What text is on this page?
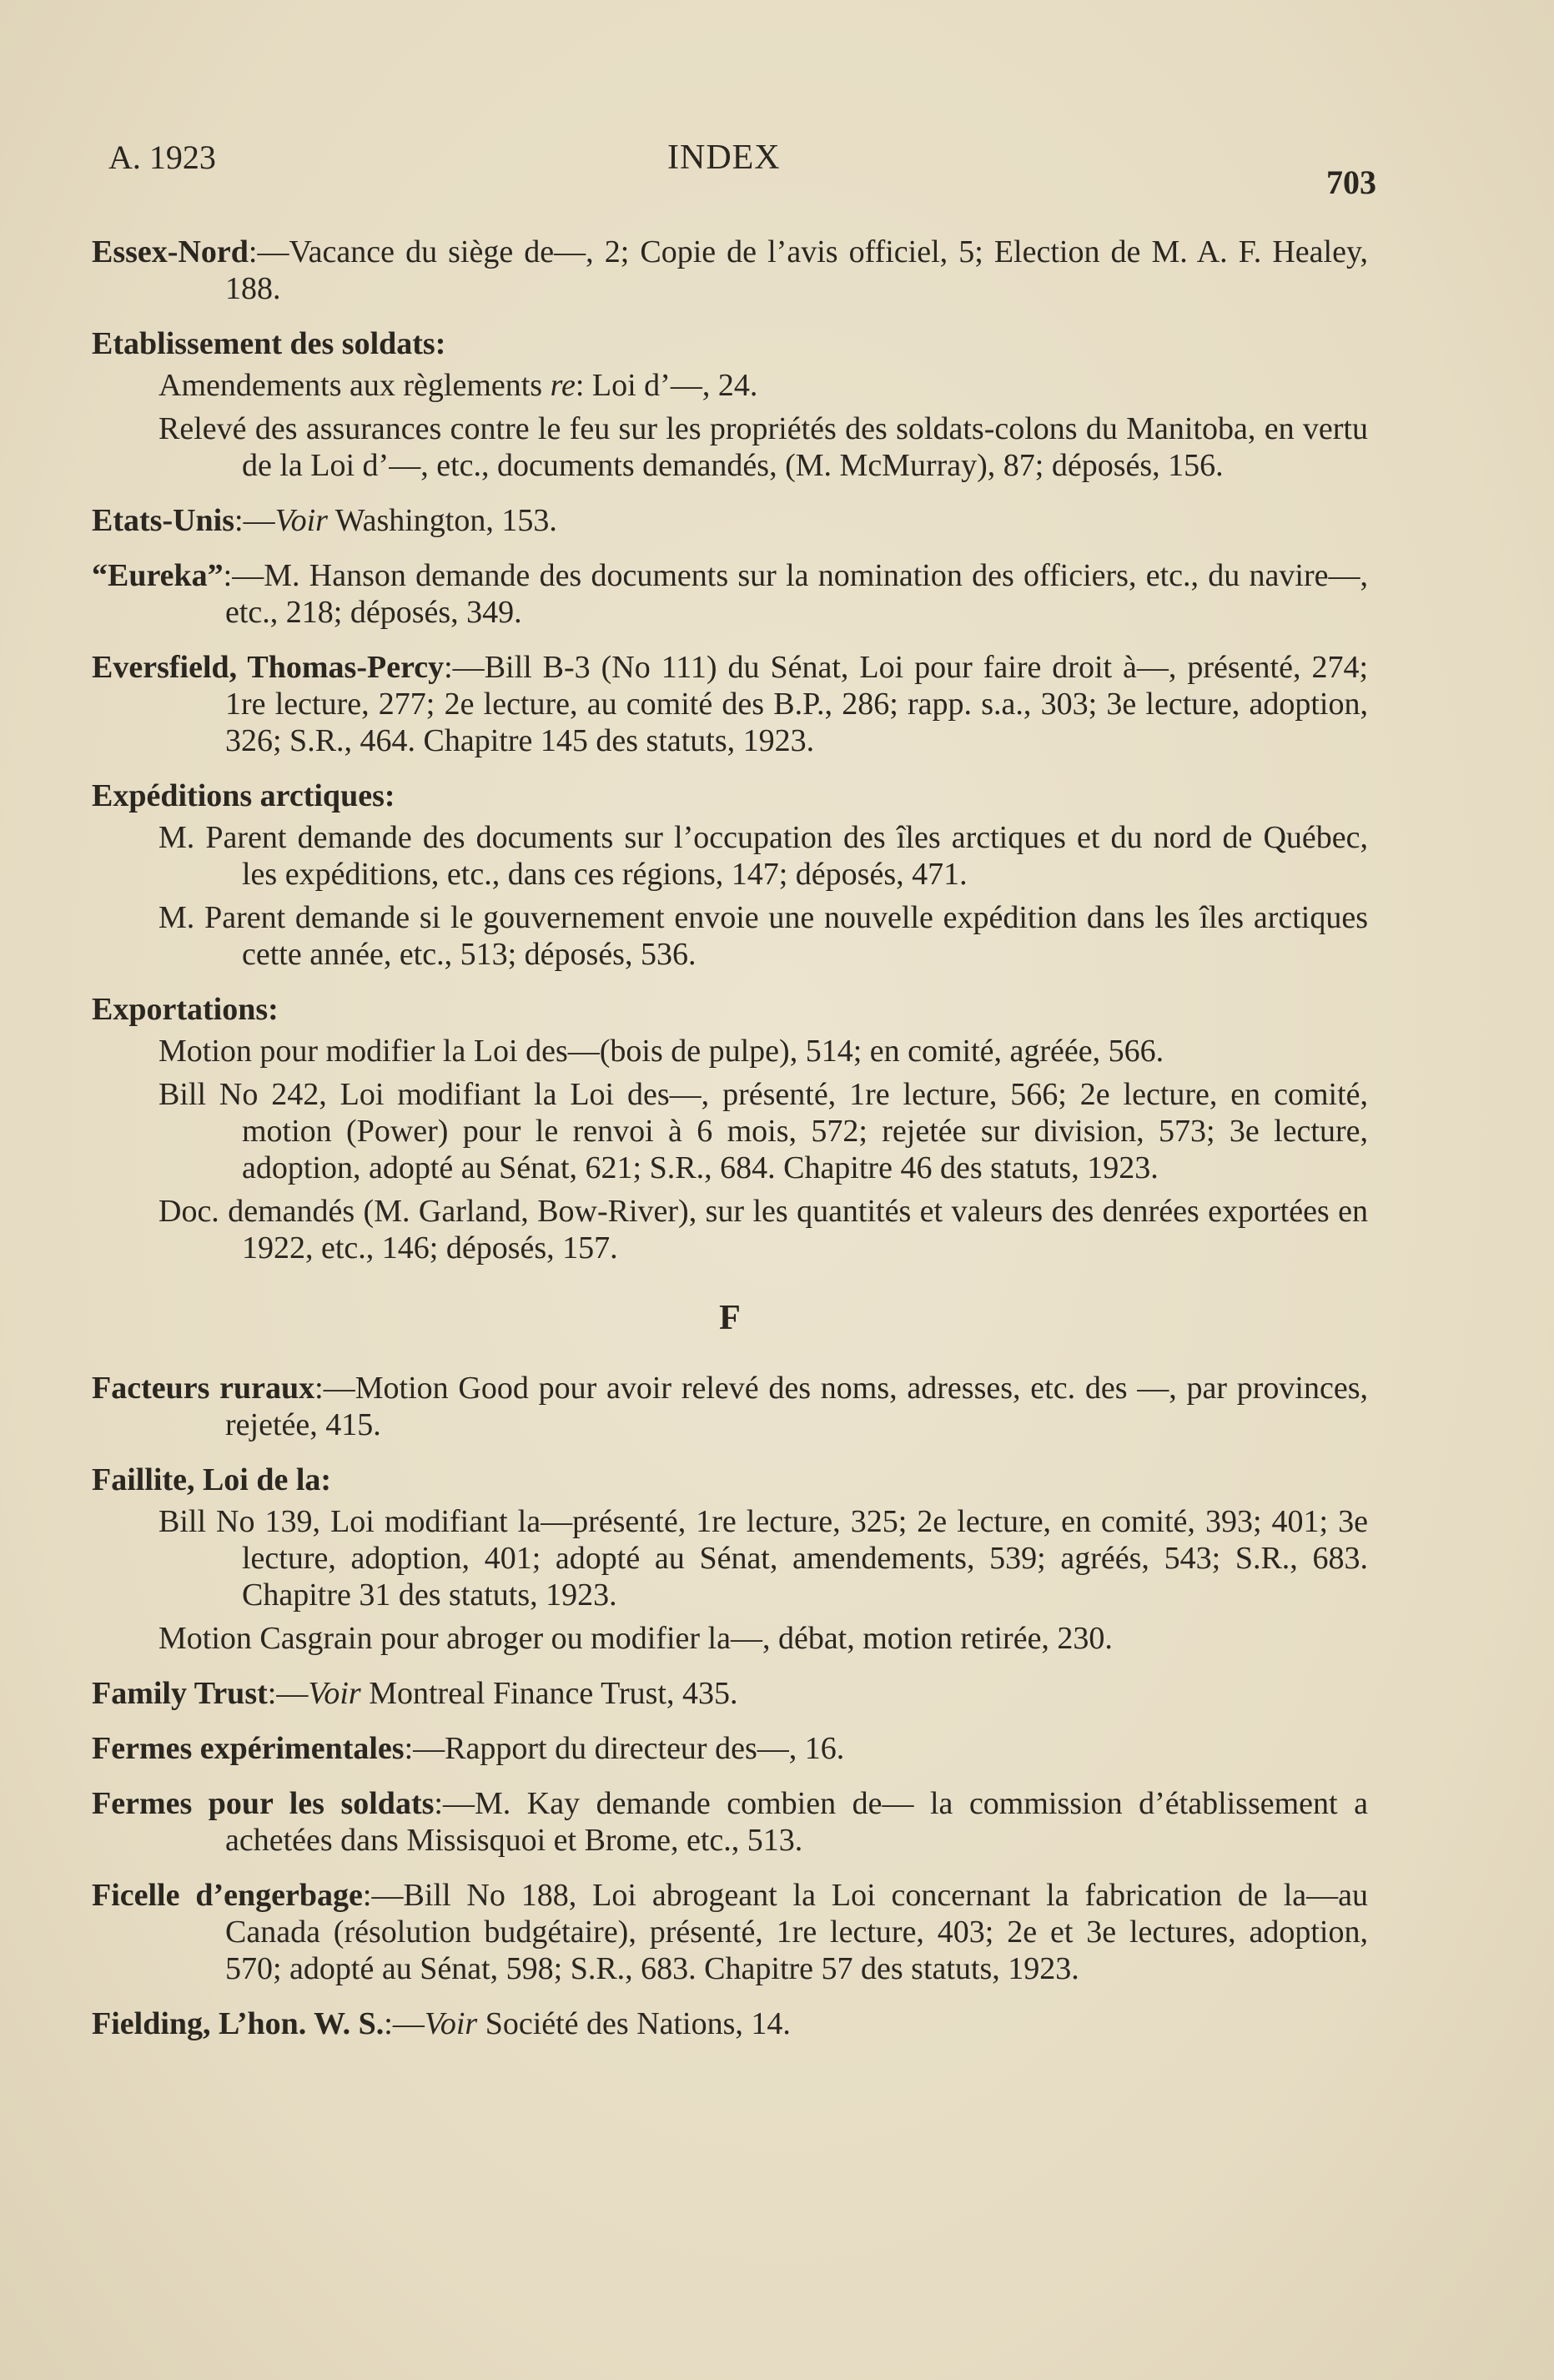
A. 1923	INDEX
703

Essex-Nord:—Vacance du siège de—, 2; Copie de l’avis officiel, 5; Election de M. A. F. Healey, 188.

Etablissement des soldats:

Amendements aux règlements re: Loi d’—, 24.

Relevé des assurances contre le feu sur les propriétés des soldats-colons du Manitoba, en vertu de la Loi d’—, etc., documents demandés, (M. McMurray), 87; déposés, 156.

Etats-Unis:—Voir Washington, 153.

“Eureka”:—M. Hanson demande des documents sur la nomination des officiers, etc., du navire—, etc., 218; déposés, 349.

Eversfield, Thomas-Percy:—Bill B-3 (No 111) du Sénat, Loi pour faire droit à—, présenté, 274; 1re lecture, 277; 2e lecture, au comité des B.P., 286; rapp. s.a., 303; 3e lecture, adoption, 326; S.R., 464. Chapitre 145 des statuts, 1923.

Expéditions arctiques:

M. Parent demande des documents sur l’occupation des îles arctiques et du nord de Québec, les expéditions, etc., dans ces régions, 147; déposés, 471.

M. Parent demande si le gouvernement envoie une nouvelle expédition dans les îles arctiques cette année, etc., 513; déposés, 536.

Exportations:

Motion pour modifier la Loi des—(bois de pulpe), 514; en comité, agréée, 566.

Bill No 242, Loi modifiant la Loi des—, présenté, 1re lecture, 566; 2e lecture, en comité, motion (Power) pour le renvoi à 6 mois, 572; rejetée sur division, 573; 3e lecture, adoption, adopté au Sénat, 621; S.R., 684. Chapitre 46 des statuts, 1923.

Doc. demandés (M. Garland, Bow-River), sur les quantités et valeurs des denrées exportées en 1922, etc., 146; déposés, 157.

F

Facteurs ruraux:—Motion Good pour avoir relevé des noms, adresses, etc. des —, par provinces, rejetée, 415.

Faillite, Loi de la:

Bill No 139, Loi modifiant la—présenté, 1re lecture, 325; 2e lecture, en comité, 393; 401; 3e lecture, adoption, 401; adopté au Sénat, amendements, 539; agréés, 543; S.R., 683. Chapitre 31 des statuts, 1923.

Motion Casgrain pour abroger ou modifier la—, débat, motion retirée, 230.

Family Trust:—Voir Montreal Finance Trust, 435.

Fermes expérimentales:—Rapport du directeur des—, 16.

Fermes pour les soldats:—M. Kay demande combien de— la commission d’établissement a achetées dans Missisquoi et Brome, etc., 513.

Ficelle d’engerbage:—Bill No 188, Loi abrogeant la Loi concernant la fabrication de la—au Canada (résolution budgétaire), présenté, 1re lecture, 403; 2e et 3e lectures, adoption, 570; adopté au Sénat, 598; S.R., 683. Chapitre 57 des statuts, 1923.

Fielding, L’hon. W. S.:—Voir Société des Nations, 14.
